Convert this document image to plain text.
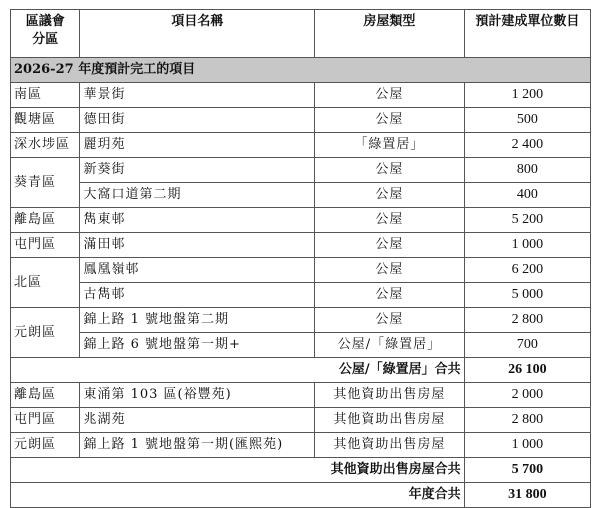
區議會
分區	項目名稱	房屋類型	預計建成單位數目
2026-27 年度預計完工的項目			
南區	華景街	公屋	1 200
觀塘區	德田街	公屋	500
深水埗區	麗玥苑	「綠置居」	2 400
葵青區	新葵街	公屋	800
	大窩口道第二期	公屋	400
離島區	雋東邨	公屋	5 200
屯門區	滿田邨	公屋	1 000
北區	鳳凰嶺邨	公屋	6 200
	古雋邨	公屋	5 000
元朗區	錦上路 1 號地盤第二期	公屋	2 800
	錦上路 6 號地盤第一期+	公屋/「綠置居」	700
公屋/「綠置居」合共			26 100
離島區	東涌第 103 區(裕豐苑)	其他資助出售房屋	2 000
屯門區	兆湖苑	其他資助出售房屋	2 800
元朗區	錦上路 1 號地盤第一期(匯熙苑)	其他資助出售房屋	1 000
其他資助出售房屋合共			5 700
年度合共			31 800
